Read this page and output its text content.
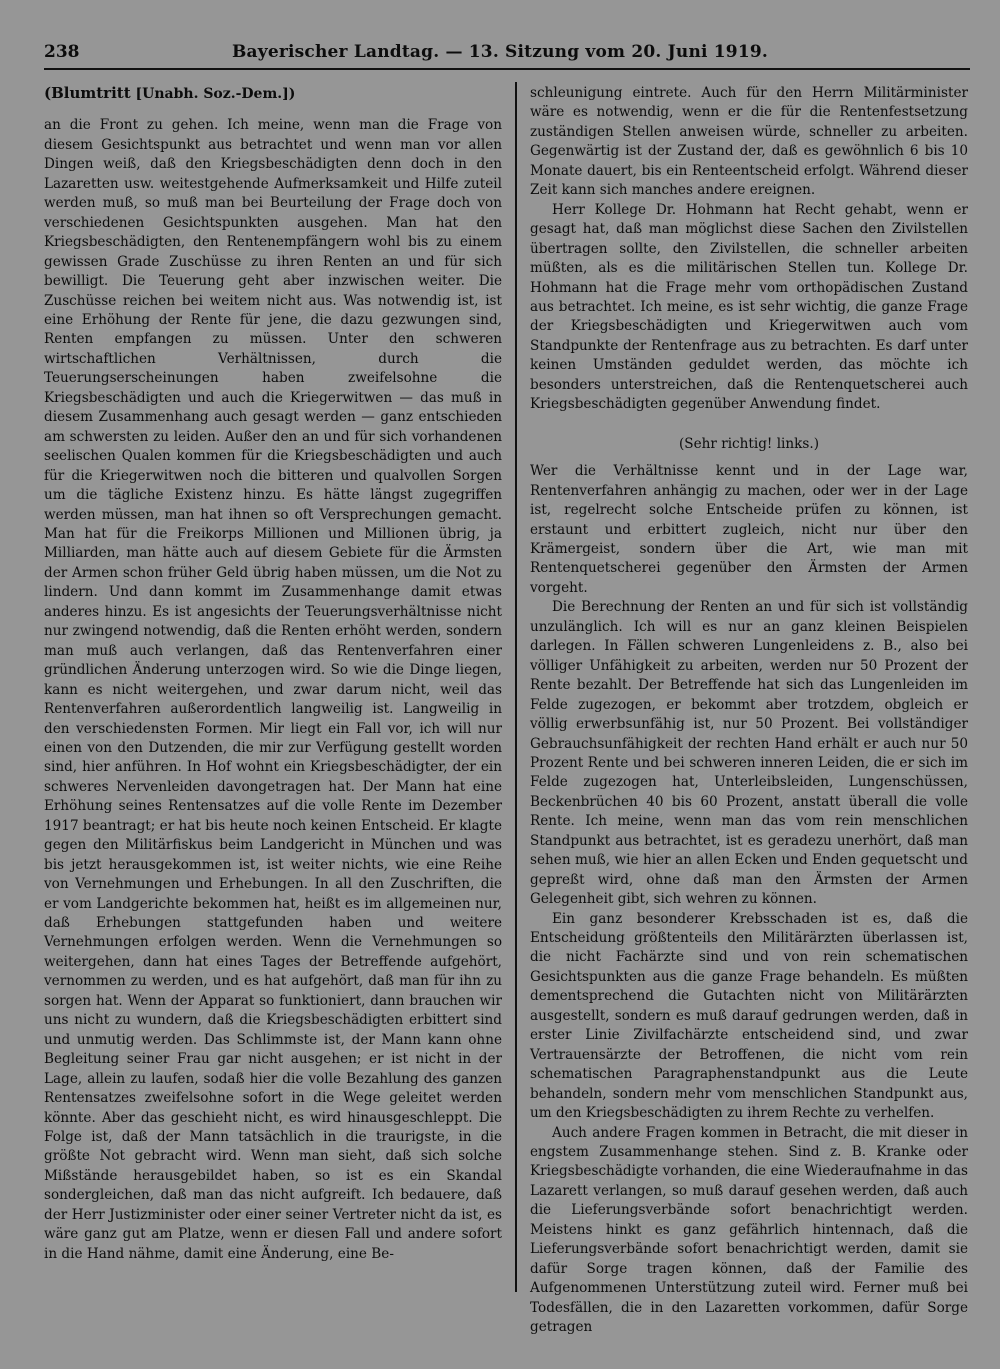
238	Bayerischer Landtag. — 13. Sitzung vom 20. Juni 1919.
(Blumtritt [Unabh. Soz.-Dem.])

an die Front zu gehen. Ich meine, wenn man die Frage von diesem Gesichtspunkt aus betrachtet und wenn man vor allen Dingen weiß, daß den Kriegsbeschädigten denn doch in den Lazaretten usw. weitestgehende Aufmerksamkeit und Hilfe zuteil werden muß, so muß man bei Beurteilung der Frage doch von verschiedenen Gesichtspunkten ausgehen. Man hat den Kriegsbeschädigten, den Rentenempfängern wohl bis zu einem gewissen Grade Zuschüsse zu ihren Renten an und für sich bewilligt. Die Teuerung geht aber inzwischen weiter. Die Zuschüsse reichen bei weitem nicht aus. Was notwendig ist, ist eine Erhöhung der Rente für jene, die dazu gezwungen sind, Renten empfangen zu müssen. Unter den schweren wirtschaftlichen Verhältnissen, durch die Teuerungserscheinungen haben zweifelsohne die Kriegsbeschädigten und auch die Kriegerwitwen — das muß in diesem Zusammenhang auch gesagt werden — ganz entschieden am schwersten zu leiden. Außer den an und für sich vorhandenen seelischen Qualen kommen für die Kriegsbeschädigten und auch für die Kriegerwitwen noch die bitteren und qualvollen Sorgen um die tägliche Existenz hinzu. Es hätte längst zugegriffen werden müssen, man hat ihnen so oft Versprechungen gemacht. Man hat für die Freikorps Millionen und Millionen übrig, ja Milliarden, man hätte auch auf diesem Gebiete für die Ärmsten der Armen schon früher Geld übrig haben müssen, um die Not zu lindern. Und dann kommt im Zusammenhange damit etwas anderes hinzu. Es ist angesichts der Teuerungsverhältnisse nicht nur zwingend notwendig, daß die Renten erhöht werden, sondern man muß auch verlangen, daß das Rentenverfahren einer gründlichen Änderung unterzogen wird. So wie die Dinge liegen, kann es nicht weitergehen, und zwar darum nicht, weil das Rentenverfahren außerordentlich langweilig ist. Langweilig in den verschiedensten Formen. Mir liegt ein Fall vor, ich will nur einen von den Dutzenden, die mir zur Verfügung gestellt worden sind, hier anführen. In Hof wohnt ein Kriegsbeschädigter, der ein schweres Nervenleiden davongetragen hat. Der Mann hat eine Erhöhung seines Rentensatzes auf die volle Rente im Dezember 1917 beantragt; er hat bis heute noch keinen Entscheid. Er klagte gegen den Militärfiskus beim Landgericht in München und was bis jetzt herausgekommen ist, ist weiter nichts, wie eine Reihe von Vernehmungen und Erhebungen. In all den Zuschriften, die er vom Landgerichte bekommen hat, heißt es im allgemeinen nur, daß Erhebungen stattgefunden haben und weitere Vernehmungen erfolgen werden. Wenn die Vernehmungen so weitergehen, dann hat eines Tages der Betreffende aufgehört, vernommen zu werden, und es hat aufgehört, daß man für ihn zu sorgen hat. Wenn der Apparat so funktioniert, dann brauchen wir uns nicht zu wundern, daß die Kriegsbeschädigten erbittert sind und unmutig werden. Das Schlimmste ist, der Mann kann ohne Begleitung seiner Frau gar nicht ausgehen; er ist nicht in der Lage, allein zu laufen, sodaß hier die volle Bezahlung des ganzen Rentensatzes zweifelsohne sofort in die Wege geleitet werden könnte. Aber das geschieht nicht, es wird hinausgeschleppt. Die Folge ist, daß der Mann tatsächlich in die traurigste, in die größte Not gebracht wird. Wenn man sieht, daß sich solche Mißstände herausgebildet haben, so ist es ein Skandal sondergleichen, daß man das nicht aufgreift. Ich bedauere, daß der Herr Justizminister oder einer seiner Vertreter nicht da ist, es wäre ganz gut am Platze, wenn er diesen Fall und andere sofort in die Hand nähme, damit eine Änderung, eine Be-

schleunigung eintrete. Auch für den Herrn Militärminister wäre es notwendig, wenn er die für die Rentenfestsetzung zuständigen Stellen anweisen würde, schneller zu arbeiten. Gegenwärtig ist der Zustand der, daß es gewöhnlich 6 bis 10 Monate dauert, bis ein Renteentscheid erfolgt. Während dieser Zeit kann sich manches andere ereignen.

Herr Kollege Dr. Hohmann hat Recht gehabt, wenn er gesagt hat, daß man möglichst diese Sachen den Zivilstellen übertragen sollte, den Zivilstellen, die schneller arbeiten müßten, als es die militärischen Stellen tun. Kollege Dr. Hohmann hat die Frage mehr vom orthopädischen Zustand aus betrachtet. Ich meine, es ist sehr wichtig, die ganze Frage der Kriegsbeschädigten und Kriegerwitwen auch vom Standpunkte der Rentenfrage aus zu betrachten. Es darf unter keinen Umständen geduldet werden, das möchte ich besonders unterstreichen, daß die Rentenquetscherei auch Kriegsbeschädigten gegenüber Anwendung findet.

(Sehr richtig! links.)

Wer die Verhältnisse kennt und in der Lage war, Rentenverfahren anhängig zu machen, oder wer in der Lage ist, regelrecht solche Entscheide prüfen zu können, ist erstaunt und erbittert zugleich, nicht nur über den Krämergeist, sondern über die Art, wie man mit Rentenquetscherei gegenüber den Ärmsten der Armen vorgeht.

Die Berechnung der Renten an und für sich ist vollständig unzulänglich. Ich will es nur an ganz kleinen Beispielen darlegen. In Fällen schweren Lungenleidens z. B., also bei völliger Unfähigkeit zu arbeiten, werden nur 50 Prozent der Rente bezahlt. Der Betreffende hat sich das Lungenleiden im Felde zugezogen, er bekommt aber trotzdem, obgleich er völlig erwerbsunfähig ist, nur 50 Prozent. Bei vollständiger Gebrauchsunfähigkeit der rechten Hand erhält er auch nur 50 Prozent Rente und bei schweren inneren Leiden, die er sich im Felde zugezogen hat, Unterleibsleiden, Lungenschüssen, Beckenbrüchen 40 bis 60 Prozent, anstatt überall die volle Rente. Ich meine, wenn man das vom rein menschlichen Standpunkt aus betrachtet, ist es geradezu unerhört, daß man sehen muß, wie hier an allen Ecken und Enden gequetscht und gepreßt wird, ohne daß man den Ärmsten der Armen Gelegenheit gibt, sich wehren zu können.

Ein ganz besonderer Krebsschaden ist es, daß die Entscheidung größtenteils den Militärärzten überlassen ist, die nicht Fachärzte sind und von rein schematischen Gesichtspunkten aus die ganze Frage behandeln. Es müßten dementsprechend die Gutachten nicht von Militärärzten ausgestellt, sondern es muß darauf gedrungen werden, daß in erster Linie Zivilfachärzte entscheidend sind, und zwar Vertrauensärzte der Betroffenen, die nicht vom rein schematischen Paragraphenstandpunkt aus die Leute behandeln, sondern mehr vom menschlichen Standpunkt aus, um den Kriegsbeschädigten zu ihrem Rechte zu verhelfen.

Auch andere Fragen kommen in Betracht, die mit dieser in engstem Zusammenhange stehen. Sind z. B. Kranke oder Kriegsbeschädigte vorhanden, die eine Wiederaufnahme in das Lazarett verlangen, so muß darauf gesehen werden, daß auch die Lieferungsverbände sofort benachrichtigt werden. Meistens hinkt es ganz gefährlich hintennach, daß die Lieferungsverbände sofort benachrichtigt werden, damit sie dafür Sorge tragen können, daß der Familie des Aufgenommenen Unterstützung zuteil wird. Ferner muß bei Todesfällen, die in den Lazaretten vorkommen, dafür Sorge getragen
